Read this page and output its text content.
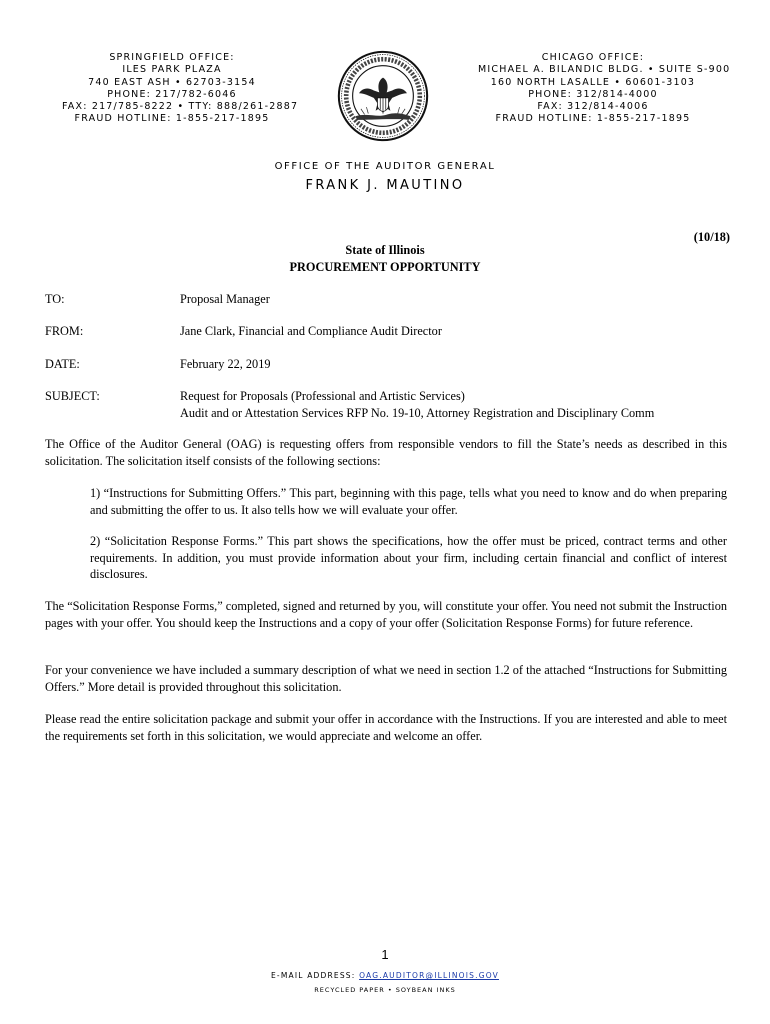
SPRINGFIELD OFFICE:
ILES PARK PLAZA
740 EAST ASH • 62703-3154
PHONE: 217/782-6046
FAX: 217/785-8222 • TTY: 888/261-2887
FRAUD HOTLINE: 1-855-217-1895
CHICAGO OFFICE:
MICHAEL A. BILANDIC BLDG. • SUITE S-900
160 NORTH LASALLE • 60601-3103
PHONE: 312/814-4000
FAX: 312/814-4006
FRAUD HOTLINE: 1-855-217-1895
OFFICE OF THE AUDITOR GENERAL
FRANK J. MAUTINO
(10/18)
State of Illinois
PROCUREMENT OPPORTUNITY
TO:	Proposal Manager
FROM:	Jane Clark, Financial and Compliance Audit Director
DATE:	February 22, 2019
SUBJECT:	Request for Proposals (Professional and Artistic Services)
Audit and or Attestation Services RFP No. 19-10, Attorney Registration and Disciplinary Comm
The Office of the Auditor General (OAG) is requesting offers from responsible vendors to fill the State’s needs as described in this solicitation. The solicitation itself consists of the following sections:
1) “Instructions for Submitting Offers.” This part, beginning with this page, tells what you need to know and do when preparing and submitting the offer to us. It also tells how we will evaluate your offer.
2) “Solicitation Response Forms.” This part shows the specifications, how the offer must be priced, contract terms and other requirements. In addition, you must provide information about your firm, including certain financial and conflict of interest disclosures.
The “Solicitation Response Forms,” completed, signed and returned by you, will constitute your offer. You need not submit the Instruction pages with your offer. You should keep the Instructions and a copy of your offer (Solicitation Response Forms) for future reference.
For your convenience we have included a summary description of what we need in section 1.2 of the attached “Instructions for Submitting Offers.” More detail is provided throughout this solicitation.
Please read the entire solicitation package and submit your offer in accordance with the Instructions. If you are interested and able to meet the requirements set forth in this solicitation, we would appreciate and welcome an offer.
1
E-MAIL ADDRESS: OAG.AUDITOR@ILLINOIS.GOV
RECYCLED PAPER • SOYBEAN INKS
